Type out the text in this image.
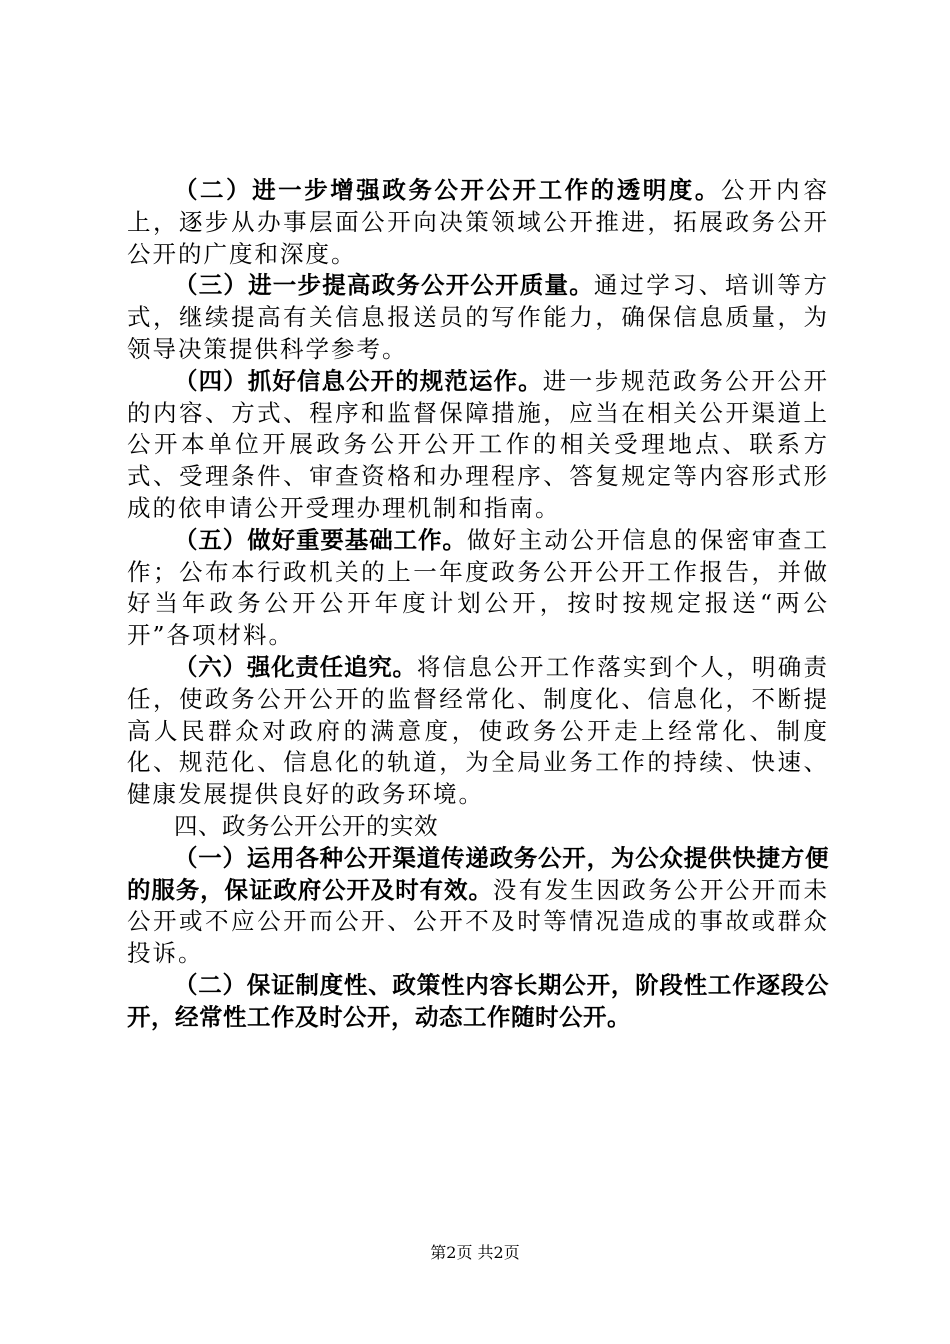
（二）进一步增强政务公开公开工作的透明度。公开内容上，逐步从办事层面公开向决策领域公开推进，拓展政务公开公开的广度和深度。

（三）进一步提高政务公开公开质量。通过学习、培训等方式，继续提高有关信息报送员的写作能力，确保信息质量，为领导决策提供科学参考。

（四）抓好信息公开的规范运作。进一步规范政务公开公开的内容、方式、程序和监督保障措施，应当在相关公开渠道上公开本单位开展政务公开公开工作的相关受理地点、联系方式、受理条件、审查资格和办理程序、答复规定等内容形式形成的依申请公开受理办理机制和指南。

（五）做好重要基础工作。做好主动公开信息的保密审查工作；公布本行政机关的上一年度政务公开公开工作报告，并做好当年政务公开公开年度计划公开，按时按规定报送“两公开”各项材料。

（六）强化责任追究。将信息公开工作落实到个人，明确责任，使政务公开公开的监督经常化、制度化、信息化，不断提高人民群众对政府的满意度，使政务公开走上经常化、制度化、规范化、信息化的轨道，为全局业务工作的持续、快速、健康发展提供良好的政务环境。

四、政务公开公开的实效

（一）运用各种公开渠道传递政务公开，为公众提供快捷方便的服务，保证政府公开及时有效。没有发生因政务公开公开而未公开或不应公开而公开、公开不及时等情况造成的事故或群众投诉。

（二）保证制度性、政策性内容长期公开，阶段性工作逐段公开，经常性工作及时公开，动态工作随时公开。

第2页 共2页
